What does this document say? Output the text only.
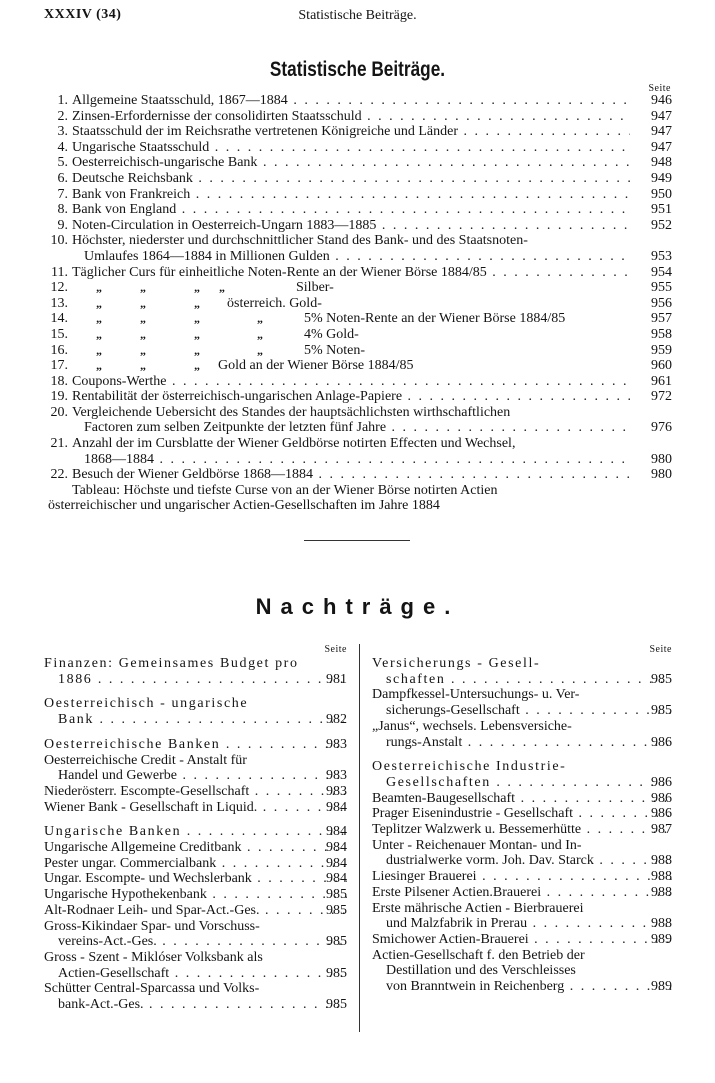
XXXIV (34)	Statistische Beiträge.
Statistische Beiträge.
Seite
1. Allgemeine Staatsschuld, 1867—1884 . . .	946
2. Zinsen-Erfordernisse der consolidirten Staatsschuld . . .	947
3. Staatsschuld der im Reichsrathe vertretenen Königreiche und Länder . . .	947
4. Ungarische Staatsschuld . . .	947
5. Oesterreichisch-ungarische Bank . . .	948
6. Deutsche Reichsbank . . .	949
7. Bank von Frankreich . . .	950
8. Bank von England . . .	951
9. Noten-Circulation in Oesterreich-Ungarn 1883—1885 . . .	952
10. Höchster, niederster und durchschnittlicher Stand des Bank- und des Staatsnoten-
Umlaufes 1864—1884 in Millionen Gulden . . .	953
11. Täglicher Curs für einheitliche Noten-Rente an der Wiener Börse 1884/85 . . .	954
12. „	„	„ „	Silber-	955
13. „	„	„ österreich. Gold-	956
14. „	„	„	„	5% Noten-Rente an der Wiener Börse 1884/85	957
15. „	„	„	„	4% Gold-	958
16. „	„	„	„	5% Noten-	959
17. „	„	„ Gold an der Wiener Börse 1884/85	960
18. Coupons-Werthe . . .	961
19. Rentabilität der österreichisch-ungarischen Anlage-Papiere . . .	972
20. Vergleichende Uebersicht des Standes der hauptsächlichsten wirthschaftlichen
Factoren zum selben Zeitpunkte der letzten fünf Jahre . . .	976
21. Anzahl der im Cursblatte der Wiener Geldbörse notirten Effecten und Wechsel,
1868—1884 . . .	980
22. Besuch der Wiener Geldbörse 1868—1884 . . .	980
Tableau: Höchste und tiefste Curse von an der Wiener Börse notirten Actien
österreichischer und ungarischer Actien-Gesellschaften im Jahre 1884
Nachträge.
Seite
Finanzen: Gemeinsames Budget pro
1886 . . .	981
Oesterreichisch - ungarische
Bank . . .	982
Oesterreichische Banken . . .	983
Oesterreichische Credit - Anstalt für
Handel und Gewerbe . . .	983
Niederösterr. Escompte-Gesellschaft . . .	983
Wiener Bank - Gesellschaft in Liquid. . . .	984
Ungarische Banken . . .	984
Ungarische Allgemeine Creditbank . . .	984
Pester ungar. Commercialbank . . .	984
Ungar. Escompte- und Wechslerbank . . .	984
Ungarische Hypothekenbank . . .	985
Alt-Rodnaer Leih- und Spar-Act.-Ges. . . .	985
Gross-Kikindaer Spar- und Vorschuss-
vereins-Act.-Ges. . . .	985
Gross - Szent - Miklóser Volksbank als
Actien-Gesellschaft . . .	985
Schütter Central-Sparcassa und Volks-
bank-Act.-Ges. . . .	985
Seite
Versicherungs - Gesell-
schaften . . .	985
Dampfkessel-Untersuchungs- u. Ver-
sicherungs-Gesellschaft . . .	985
„Janus“, wechsels. Lebensversiche-
rungs-Anstalt . . .	986
Oesterreichische Industrie-
Gesellschaften . . .	986
Beamten-Baugesellschaft . . .	986
Prager Eisenindustrie - Gesellschaft . . .	986
Teplitzer Walzwerk u. Bessemerhütte . . .	987
Unter - Reichenauer Montan- und In-
dustrialwerke vorm. Joh. Dav. Starck . . .	988
Liesinger Brauerei . . .	988
Erste Pilsener Actien.Brauerei . . .	988
Erste mährische Actien - Bierbrauerei
und Malzfabrik in Prerau . . .	988
Smichower Actien-Brauerei . . .	989
Actien-Gesellschaft f. den Betrieb der
Destillation und des Verschleisses
von Branntwein in Reichenberg . . .	989
